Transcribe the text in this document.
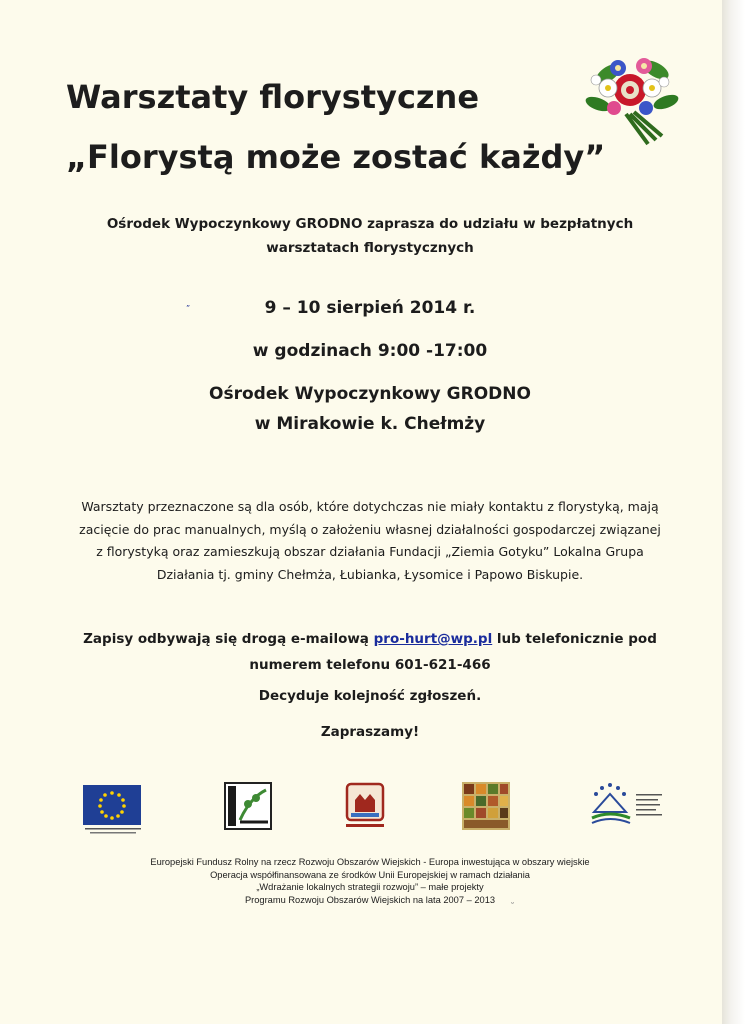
Warsztaty florystyczne
„Florystą może zostać każdy”
Ośrodek Wypoczynkowy GRODNO zaprasza do udziału w bezpłatnych
warsztatach florystycznych
”	9 – 10 sierpień 2014 r.
w godzinach 9:00 -17:00
Ośrodek Wypoczynkowy GRODNO
w Mirakowie k. Chełmży
Warsztaty przeznaczone są dla osób, które dotychczas nie miały kontaktu z florystyką, mają
zacięcie do prac manualnych, myślą o założeniu własnej działalności gospodarczej związanej
z florystyką oraz zamieszkują obszar działania Fundacji „Ziemia Gotyku” Lokalna Grupa
Działania tj. gminy Chełmża, Łubianka, Łysomice i Papowo Biskupie.
Zapisy odbywają się drogą e-mailową pro-hurt@wp.pl lub telefonicznie pod
numerem telefonu 601-621-466
Decyduje kolejność zgłoszeń.
Zapraszamy!
Europejski Fundusz Rolny na rzecz Rozwoju Obszarów Wiejskich - Europa inwestująca w obszary wiejskie
Operacja współfinansowana ze środków Unii Europejskiej w ramach działania
„Wdrażanie lokalnych strategii rozwoju” – małe projekty
Programu Rozwoju Obszarów Wiejskich na lata 2007 – 2013
˘
